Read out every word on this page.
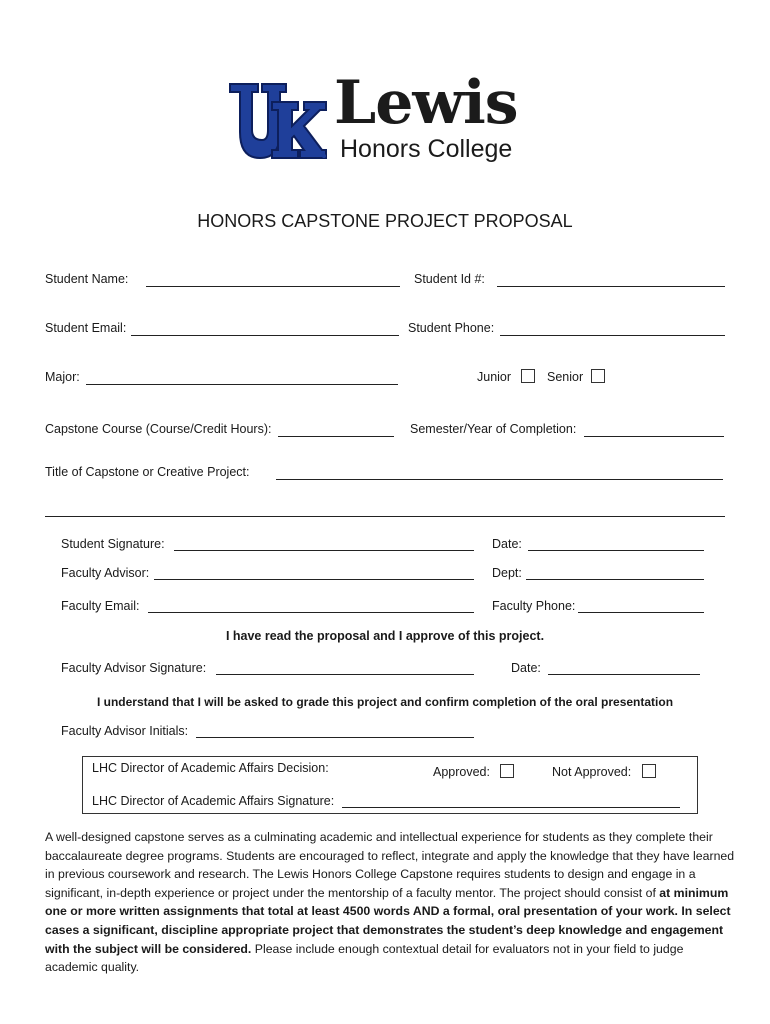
Lewis
Honors College
HONORS CAPSTONE PROJECT PROPOSAL
Student Name:	Student Id #:
Student Email:	Student Phone:
Major:	Junior	Senior
Capstone Course (Course/Credit Hours):	Semester/Year of Completion:
Title of Capstone or Creative Project:
Student Signature:	Date:
Faculty Advisor:	Dept:
Faculty Email:	Faculty Phone:
I have read the proposal and I approve of this project.
Faculty Advisor Signature:	Date:
I understand that I will be asked to grade this project and confirm completion of the oral presentation
Faculty Advisor Initials:
LHC Director of Academic Affairs Decision:	Approved:	Not Approved:
LHC Director of Academic Affairs Signature:

A well-designed capstone serves as a culminating academic and intellectual experience for students as they complete their baccalaureate degree programs. Students are encouraged to reflect, integrate and apply the knowledge that they have learned in previous coursework and research. The Lewis Honors College Capstone requires students to design and engage in a significant, in-depth experience or project under the mentorship of a faculty mentor. The project should consist of at minimum one or more written assignments that total at least 4500 words AND a formal, oral presentation of your work. In select cases a significant, discipline appropriate project that demonstrates the student’s deep knowledge and engagement with the subject will be considered. Please include enough contextual detail for evaluators not in your field to judge academic quality.
